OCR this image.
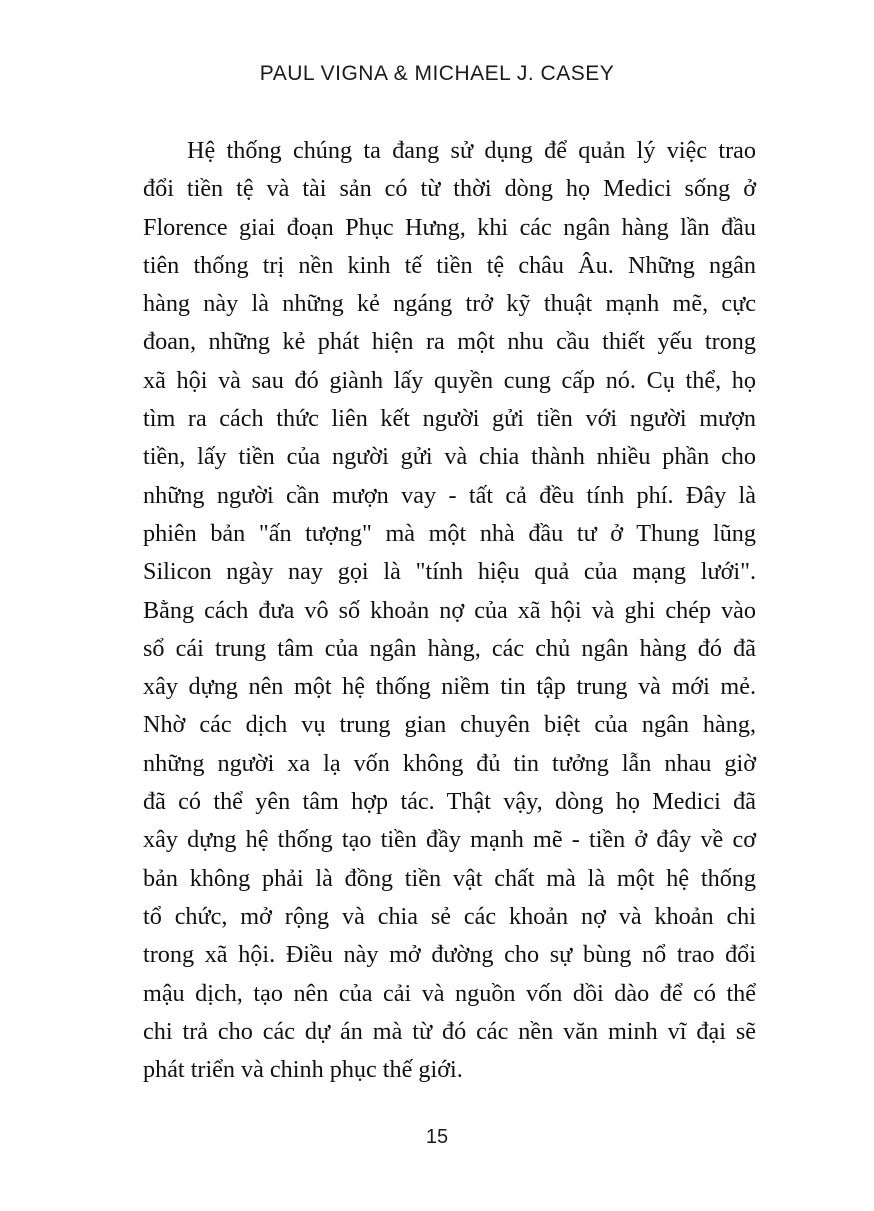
PAUL VIGNA & MICHAEL J. CASEY
Hệ thống chúng ta đang sử dụng để quản lý việc trao
đổi tiền tệ và tài sản có từ thời dòng họ Medici sống ở
Florence giai đoạn Phục Hưng, khi các ngân hàng lần đầu
tiên thống trị nền kinh tế tiền tệ châu Âu. Những ngân
hàng này là những kẻ ngáng trở kỹ thuật mạnh mẽ, cực
đoan, những kẻ phát hiện ra một nhu cầu thiết yếu trong
xã hội và sau đó giành lấy quyền cung cấp nó. Cụ thể, họ
tìm ra cách thức liên kết người gửi tiền với người mượn
tiền, lấy tiền của người gửi và chia thành nhiều phần cho
những người cần mượn vay - tất cả đều tính phí. Đây là
phiên bản "ấn tượng" mà một nhà đầu tư ở Thung lũng
Silicon ngày nay gọi là "tính hiệu quả của mạng lưới".
Bằng cách đưa vô số khoản nợ của xã hội và ghi chép vào
sổ cái trung tâm của ngân hàng, các chủ ngân hàng đó đã
xây dựng nên một hệ thống niềm tin tập trung và mới mẻ.
Nhờ các dịch vụ trung gian chuyên biệt của ngân hàng,
những người xa lạ vốn không đủ tin tưởng lẫn nhau giờ
đã có thể yên tâm hợp tác. Thật vậy, dòng họ Medici đã
xây dựng hệ thống tạo tiền đầy mạnh mẽ - tiền ở đây về cơ
bản không phải là đồng tiền vật chất mà là một hệ thống
tổ chức, mở rộng và chia sẻ các khoản nợ và khoản chi
trong xã hội. Điều này mở đường cho sự bùng nổ trao đổi
mậu dịch, tạo nên của cải và nguồn vốn dồi dào để có thể
chi trả cho các dự án mà từ đó các nền văn minh vĩ đại sẽ
phát triển và chinh phục thế giới.
15
